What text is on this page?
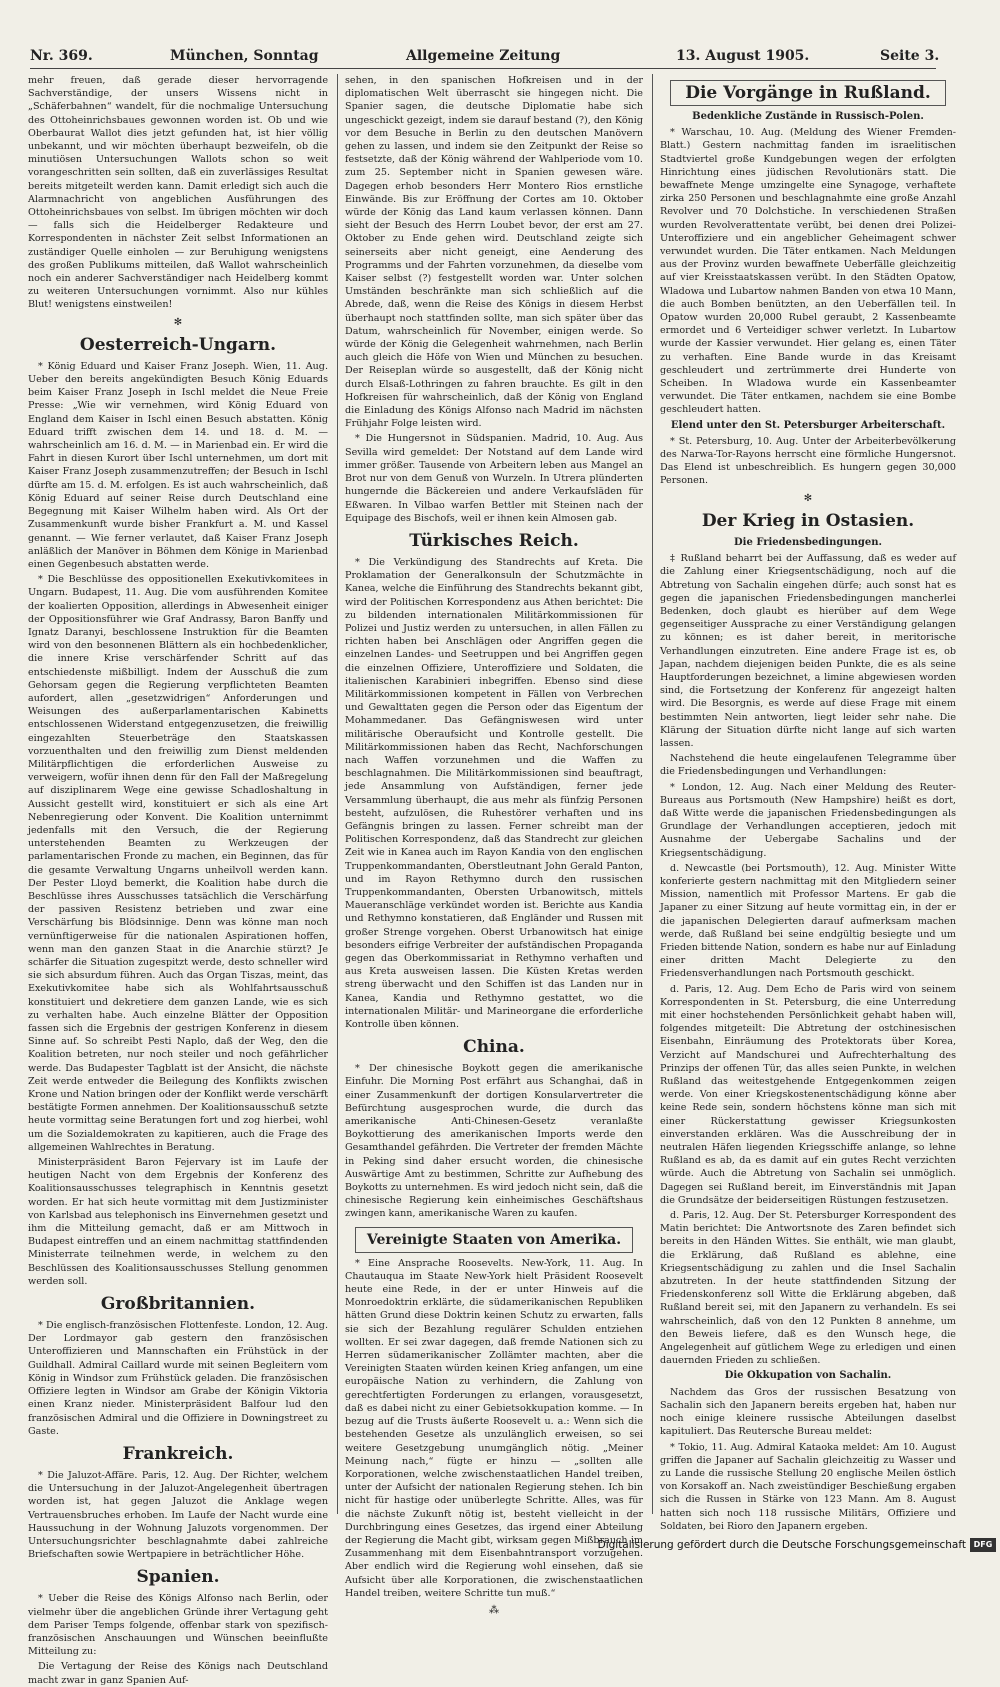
Nr. 369.	München, Sonntag	Allgemeine Zeitung	13. August 1905.	Seite 3.

mehr freuen, daß gerade dieser hervorragende Sachverständige, der unsers Wissens nicht in „Schäferbahnen“ wandelt, für die nochmalige Untersuchung des Ottoheinrichsbaues gewonnen worden ist. Ob und wie Oberbaurat Wallot dies jetzt gefunden hat, ist hier völlig unbekannt, und wir möchten überhaupt bezweifeln, ob die minutiösen Untersuchungen Wallots schon so weit vorangeschritten sein sollten, daß ein zuverlässiges Resultat bereits mitgeteilt werden kann. Damit erledigt sich auch die Alarmnachricht von angeblichen Ausführungen des Ottoheinrichsbaues von selbst. Im übrigen möchten wir doch — falls sich die Heidelberger Redakteure und Korrespondenten in nächster Zeit selbst Informationen an zuständiger Quelle einholen — zur Beruhigung wenigstens des großen Publikums mitteilen, daß Wallot wahrscheinlich noch ein anderer Sachverständiger nach Heidelberg kommt zu weiteren Untersuchungen vornimmt. Also nur kühles Blut! wenigstens einstweilen!

✻
Oesterreich-Ungarn.

* König Eduard und Kaiser Franz Joseph. Wien, 11. Aug. Ueber den bereits angekündigten Besuch König Eduards beim Kaiser Franz Joseph in Ischl meldet die Neue Freie Presse: „Wie wir vernehmen, wird König Eduard von England dem Kaiser in Ischl einen Besuch abstatten. König Eduard trifft zwischen dem 14. und 18. d. M. — wahrscheinlich am 16. d. M. — in Marienbad ein. Er wird die Fahrt in diesen Kurort über Ischl unternehmen, um dort mit Kaiser Franz Joseph zusammenzutreffen; der Besuch in Ischl dürfte am 15. d. M. erfolgen. Es ist auch wahrscheinlich, daß König Eduard auf seiner Reise durch Deutschland eine Begegnung mit Kaiser Wilhelm haben wird. Als Ort der Zusammenkunft wurde bisher Frankfurt a. M. und Kassel genannt. — Wie ferner verlautet, daß Kaiser Franz Joseph anläßlich der Manöver in Böhmen dem Könige in Marienbad einen Gegenbesuch abstatten werde.

* Die Beschlüsse des oppositionellen Exekutivkomitees in Ungarn. Budapest, 11. Aug. Die vom ausführenden Komitee der koalierten Opposition, allerdings in Abwesenheit einiger der Oppositionsführer wie Graf Andrassy, Baron Banffy und Ignatz Daranyi, beschlossene Instruktion für die Beamten wird von den besonnenen Blättern als ein hochbedenklicher, die innere Krise verschärfender Schritt auf das entschiedenste mißbilligt. Indem der Ausschuß die zum Gehorsam gegen die Regierung verpflichteten Beamten aufordert, allen „gesetzwidrigen“ Anforderungen und Weisungen des außerparlamentarischen Kabinetts entschlossenen Widerstand entgegenzusetzen, die freiwillig eingezahlten Steuerbeträge den Staatskassen vorzuenthalten und den freiwillig zum Dienst meldenden Militärpflichtigen die erforderlichen Ausweise zu verweigern, wofür ihnen denn für den Fall der Maßregelung auf disziplinarem Wege eine gewisse Schadloshaltung in Aussicht gestellt wird, konstituiert er sich als eine Art Nebenregierung oder Konvent. Die Koalition unternimmt jedenfalls mit den Versuch, die der Regierung unterstehenden Beamten zu Werkzeugen der parlamentarischen Fronde zu machen, ein Beginnen, das für die gesamte Verwaltung Ungarns unheilvoll werden kann. Der Pester Lloyd bemerkt, die Koalition habe durch die Beschlüsse ihres Ausschusses tatsächlich die Verschärfung der passiven Resistenz betrieben und zwar eine Verschärfung bis Blödsinnige. Denn was könne man noch vernünftigerweise für die nationalen Aspirationen hoffen, wenn man den ganzen Staat in die Anarchie stürzt? Je schärfer die Situation zugespitzt werde, desto schneller wird sie sich absurdum führen. Auch das Organ Tiszas, meint, das Exekutivkomitee habe sich als Wohlfahrtsausschuß konstituiert und dekretiere dem ganzen Lande, wie es sich zu verhalten habe. Auch einzelne Blätter der Opposition fassen sich die Ergebnis der gestrigen Konferenz in diesem Sinne auf. So schreibt Pesti Naplo, daß der Weg, den die Koalition betreten, nur noch steiler und noch gefährlicher werde. Das Budapester Tagblatt ist der Ansicht, die nächste Zeit werde entweder die Beilegung des Konflikts zwischen Krone und Nation bringen oder der Konflikt werde verschärft bestätigte Formen annehmen. Der Koalitionsausschuß setzte heute vormittag seine Beratungen fort und zog hierbei, wohl um die Sozialdemokraten zu kapitieren, auch die Frage des allgemeinen Wahlrechtes in Beratung.

Ministerpräsident Baron Fejervary ist im Laufe der heutigen Nacht von dem Ergebnis der Konferenz des Koalitionsausschusses telegraphisch in Kenntnis gesetzt worden. Er hat sich heute vormittag mit dem Justizminister von Karlsbad aus telephonisch ins Einvernehmen gesetzt und ihm die Mitteilung gemacht, daß er am Mittwoch in Budapest eintreffen und an einem nachmittag stattfindenden Ministerrate teilnehmen werde, in welchem zu den Beschlüssen des Koalitionsausschusses Stellung genommen werden soll.

Großbritannien.

* Die englisch-französischen Flottenfeste. London, 12. Aug. Der Lordmayor gab gestern den französischen Unteroffizieren und Mannschaften ein Frühstück in der Guildhall. Admiral Caillard wurde mit seinen Begleitern vom König in Windsor zum Frühstück geladen. Die französischen Offiziere legten in Windsor am Grabe der Königin Viktoria einen Kranz nieder. Ministerpräsident Balfour lud den französischen Admiral und die Offiziere in Downingstreet zu Gaste.

Frankreich.

* Die Jaluzot-Affäre. Paris, 12. Aug. Der Richter, welchem die Untersuchung in der Jaluzot-Angelegenheit übertragen worden ist, hat gegen Jaluzot die Anklage wegen Vertrauensbruches erhoben. Im Laufe der Nacht wurde eine Haussuchung in der Wohnung Jaluzots vorgenommen. Der Untersuchungsrichter beschlagnahmte dabei zahlreiche Briefschaften sowie Wertpapiere in beträchtlicher Höhe.

Spanien.

* Ueber die Reise des Königs Alfonso nach Berlin, oder vielmehr über die angeblichen Gründe ihrer Vertagung geht dem Pariser Temps folgende, offenbar stark von spezifisch-französischen Anschauungen und Wünschen beeinflußte Mitteilung zu:

Die Vertagung der Reise des Königs nach Deutschland macht zwar in ganz Spanien Auf-

sehen, in den spanischen Hofkreisen und in der diplomatischen Welt überrascht sie hingegen nicht. Die Spanier sagen, die deutsche Diplomatie habe sich ungeschickt gezeigt, indem sie darauf bestand (?), den König vor dem Besuche in Berlin zu den deutschen Manövern gehen zu lassen, und indem sie den Zeitpunkt der Reise so festsetzte, daß der König während der Wahlperiode vom 10. zum 25. September nicht in Spanien gewesen wäre. Dagegen erhob besonders Herr Montero Rios ernstliche Einwände. Bis zur Eröffnung der Cortes am 10. Oktober würde der König das Land kaum verlassen können. Dann sieht der Besuch des Herrn Loubet bevor, der erst am 27. Oktober zu Ende gehen wird. Deutschland zeigte sich seinerseits aber nicht geneigt, eine Aenderung des Programms und der Fahrten vorzunehmen, da dieselbe vom Kaiser selbst (?) festgestellt worden war. Unter solchen Umständen beschränkte man sich schließlich auf die Abrede, daß, wenn die Reise des Königs in diesem Herbst überhaupt noch stattfinden sollte, man sich später über das Datum, wahrscheinlich für November, einigen werde. So würde der König die Gelegenheit wahrnehmen, nach Berlin auch gleich die Höfe von Wien und München zu besuchen. Der Reiseplan würde so ausgestellt, daß der König nicht durch Elsaß-Lothringen zu fahren brauchte. Es gilt in den Hofkreisen für wahrscheinlich, daß der König von England die Einladung des Königs Alfonso nach Madrid im nächsten Frühjahr Folge leisten wird.

* Die Hungersnot in Südspanien. Madrid, 10. Aug. Aus Sevilla wird gemeldet: Der Notstand auf dem Lande wird immer größer. Tausende von Arbeitern leben aus Mangel an Brot nur von dem Genuß von Wurzeln. In Utrera plünderten hungernde die Bäckereien und andere Verkaufsläden für Eßwaren. In Vilbao warfen Bettler mit Steinen nach der Equipage des Bischofs, weil er ihnen kein Almosen gab.

Türkisches Reich.

* Die Verkündigung des Standrechts auf Kreta. Die Proklamation der Generalkonsuln der Schutzmächte in Kanea, welche die Einführung des Standrechts bekannt gibt, wird der Politischen Korrespondenz aus Athen berichtet: Die zu bildenden internationalen Militärkommissionen für Polizei und Justiz werden zu untersuchen, in allen Fällen zu richten haben bei Anschlägen oder Angriffen gegen die einzelnen Landes- und Seetruppen und bei Angriffen gegen die einzelnen Offiziere, Unteroffiziere und Soldaten, die italienischen Karabinieri inbegriffen. Ebenso sind diese Militärkommissionen kompetent in Fällen von Verbrechen und Gewalttaten gegen die Person oder das Eigentum der Mohammedaner. Das Gefängniswesen wird unter militärische Oberaufsicht und Kontrolle gestellt. Die Militärkommissionen haben das Recht, Nachforschungen nach Waffen vorzunehmen und die Waffen zu beschlagnahmen. Die Militärkommissionen sind beauftragt, jede Ansammlung von Aufständigen, ferner jede Versammlung überhaupt, die aus mehr als fünfzig Personen besteht, aufzulösen, die Ruhestörer verhaften und ins Gefängnis bringen zu lassen. Ferner schreibt man der Politischen Korrespondenz, daß das Standrecht zur gleichen Zeit wie in Kanea auch im Rayon Kandia von den englischen Truppenkommandanten, Oberstleutnant John Gerald Panton, und im Rayon Rethymno durch den russischen Truppenkommandanten, Obersten Urbanowitsch, mittels Maueranschläge verkündet worden ist. Berichte aus Kandia und Rethymno konstatieren, daß Engländer und Russen mit großer Strenge vorgehen. Oberst Urbanowitsch hat einige besonders eifrige Verbreiter der aufständischen Propaganda gegen das Oberkommissariat in Rethymno verhaften und aus Kreta ausweisen lassen. Die Küsten Kretas werden streng überwacht und den Schiffen ist das Landen nur in Kanea, Kandia und Rethymno gestattet, wo die internationalen Militär- und Marineorgane die erforderliche Kontrolle üben können.

China.

* Der chinesische Boykott gegen die amerikanische Einfuhr. Die Morning Post erfährt aus Schanghai, daß in einer Zusammenkunft der dortigen Konsularvertreter die Befürchtung ausgesprochen wurde, die durch das amerikanische Anti-Chinesen-Gesetz veranlaßte Boykottierung des amerikanischen Imports werde den Gesamthandel gefährden. Die Vertreter der fremden Mächte in Peking sind daher ersucht worden, die chinesische Auswärtige Amt zu bestimmen, Schritte zur Aufhebung des Boykotts zu unternehmen. Es wird jedoch nicht sein, daß die chinesische Regierung kein einheimisches Geschäftshaus zwingen kann, amerikanische Waren zu kaufen.

Vereinigte Staaten von Amerika.

* Eine Ansprache Roosevelts. New-York, 11. Aug. In Chautauqua im Staate New-York hielt Präsident Roosevelt heute eine Rede, in der er unter Hinweis auf die Monroedoktrin erklärte, die südamerikanischen Republiken hätten Grund diese Doktrin keinen Schutz zu erwarten, falls sie sich der Bezahlung regulärer Schulden entziehen wollten. Er sei zwar dagegen, daß fremde Nationen sich zu Herren südamerikanischer Zollämter machten, aber die Vereinigten Staaten würden keinen Krieg anfangen, um eine europäische Nation zu verhindern, die Zahlung von gerechtfertigten Forderungen zu erlangen, vorausgesetzt, daß es dabei nicht zu einer Gebietsokkupation komme. — In bezug auf die Trusts äußerte Roosevelt u. a.: Wenn sich die bestehenden Gesetze als unzulänglich erweisen, so sei weitere Gesetzgebung unumgänglich nötig. „Meiner Meinung nach,“ fügte er hinzu — „sollten alle Korporationen, welche zwischenstaatlichen Handel treiben, unter der Aufsicht der nationalen Regierung stehen. Ich bin nicht für hastige oder unüberlegte Schritte. Alles, was für die nächste Zukunft nötig ist, besteht vielleicht in der Durchbringung eines Gesetzes, das irgend einer Abteilung der Regierung die Macht gibt, wirksam gegen Mißbrauch im Zusammenhang mit dem Eisenbahntransport vorzugehen. Aber endlich wird die Regierung wohl einsehen, daß sie Aufsicht über alle Korporationen, die zwischenstaatlichen Handel treiben, weitere Schritte tun muß.“

⁂
Die Vorgänge in Rußland.

Bedenkliche Zustände in Russisch-Polen.

* Warschau, 10. Aug. (Meldung des Wiener Fremden-Blatt.) Gestern nachmittag fanden im israelitischen Stadtviertel große Kundgebungen wegen der erfolgten Hinrichtung eines jüdischen Revolutionärs statt. Die bewaffnete Menge umzingelte eine Synagoge, verhaftete zirka 250 Personen und beschlagnahmte eine große Anzahl Revolver und 70 Dolchstiche. In verschiedenen Straßen wurden Revolverattentate verübt, bei denen drei Polizei-Unteroffiziere und ein angeblicher Geheimagent schwer verwundet wurden. Die Täter entkamen. Nach Meldungen aus der Provinz wurden bewaffnete Ueberfälle gleichzeitig auf vier Kreisstaatskassen verübt. In den Städten Opatow, Wladowa und Lubartow nahmen Banden von etwa 10 Mann, die auch Bomben benützten, an den Ueberfällen teil. In Opatow wurden 20,000 Rubel geraubt, 2 Kassenbeamte ermordet und 6 Verteidiger schwer verletzt. In Lubartow wurde der Kassier verwundet. Hier gelang es, einen Täter zu verhaften. Eine Bande wurde in das Kreisamt geschleudert und zertrümmerte drei Hunderte von Scheiben. In Wladowa wurde ein Kassenbeamter verwundet. Die Täter entkamen, nachdem sie eine Bombe geschleudert hatten.

Elend unter den St. Petersburger Arbeiterschaft.

* St. Petersburg, 10. Aug. Unter der Arbeiterbevölkerung des Narwa-Tor-Rayons herrscht eine förmliche Hungersnot. Das Elend ist unbeschreiblich. Es hungern gegen 30,000 Personen.

✻
Der Krieg in Ostasien.

Die Friedensbedingungen.

‡ Rußland beharrt bei der Auffassung, daß es weder auf die Zahlung einer Kriegsentschädigung, noch auf die Abtretung von Sachalin eingehen dürfe; auch sonst hat es gegen die japanischen Friedensbedingungen mancherlei Bedenken, doch glaubt es hierüber auf dem Wege gegenseitiger Aussprache zu einer Verständigung gelangen zu können; es ist daher bereit, in meritorische Verhandlungen einzutreten. Eine andere Frage ist es, ob Japan, nachdem diejenigen beiden Punkte, die es als seine Hauptforderungen bezeichnet, a limine abgewiesen worden sind, die Fortsetzung der Konferenz für angezeigt halten wird. Die Besorgnis, es werde auf diese Frage mit einem bestimmten Nein antworten, liegt leider sehr nahe. Die Klärung der Situation dürfte nicht lange auf sich warten lassen.

Nachstehend die heute eingelaufenen Telegramme über die Friedensbedingungen und Verhandlungen:

* London, 12. Aug. Nach einer Meldung des Reuter-Bureaus aus Portsmouth (New Hampshire) heißt es dort, daß Witte werde die japanischen Friedensbedingungen als Grundlage der Verhandlungen acceptieren, jedoch mit Ausnahme der Uebergabe Sachalins und der Kriegsentschädigung.

d. Newcastle (bei Portsmouth), 12. Aug. Minister Witte konferierte gestern nachmittag mit den Mitgliedern seiner Mission, namentlich mit Professor Martens. Er gab die Japaner zu einer Sitzung auf heute vormittag ein, in der er die japanischen Delegierten darauf aufmerksam machen werde, daß Rußland bei seine endgültig besiegte und um Frieden bittende Nation, sondern es habe nur auf Einladung einer dritten Macht Delegierte zu den Friedensverhandlungen nach Portsmouth geschickt.

d. Paris, 12. Aug. Dem Echo de Paris wird von seinem Korrespondenten in St. Petersburg, die eine Unterredung mit einer hochstehenden Persönlichkeit gehabt haben will, folgendes mitgeteilt: Die Abtretung der ostchinesischen Eisenbahn, Einräumung des Protektorats über Korea, Verzicht auf Mandschurei und Aufrechterhaltung des Prinzips der offenen Tür, das alles seien Punkte, in welchen Rußland das weitestgehende Entgegenkommen zeigen werde. Von einer Kriegskostenentschädigung könne aber keine Rede sein, sondern höchstens könne man sich mit einer Rückerstattung gewisser Kriegsunkosten einverstanden erklären. Was die Ausschreibung der in neutralen Häfen liegenden Kriegsschiffe anlange, so lehne Rußland es ab, da es damit auf ein gutes Recht verzichten würde. Auch die Abtretung von Sachalin sei unmöglich. Dagegen sei Rußland bereit, im Einverständnis mit Japan die Grundsätze der beiderseitigen Rüstungen festzusetzen.

d. Paris, 12. Aug. Der St. Petersburger Korrespondent des Matin berichtet: Die Antwortsnote des Zaren befindet sich bereits in den Händen Wittes. Sie enthält, wie man glaubt, die Erklärung, daß Rußland es ablehne, eine Kriegsentschädigung zu zahlen und die Insel Sachalin abzutreten. In der heute stattfindenden Sitzung der Friedenskonferenz soll Witte die Erklärung abgeben, daß Rußland bereit sei, mit den Japanern zu verhandeln. Es sei wahrscheinlich, daß von den 12 Punkten 8 annehme, um den Beweis liefere, daß es den Wunsch hege, die Angelegenheit auf gütlichem Wege zu erledigen und einen dauernden Frieden zu schließen.

Die Okkupation von Sachalin.

Nachdem das Gros der russischen Besatzung von Sachalin sich den Japanern bereits ergeben hat, haben nur noch einige kleinere russische Abteilungen daselbst kapituliert. Das Reutersche Bureau meldet:

* Tokio, 11. Aug. Admiral Kataoka meldet: Am 10. August griffen die Japaner auf Sachalin gleichzeitig zu Wasser und zu Lande die russische Stellung 20 englische Meilen östlich von Korsakoff an. Nach zweistündiger Beschießung ergaben sich die Russen in Stärke von 123 Mann. Am 8. August hatten sich noch 118 russische Militärs, Offiziere und Soldaten, bei Rioro den Japanern ergeben.

Digitalisierung gefördert durch die Deutsche Forschungsgemeinschaft DFG
